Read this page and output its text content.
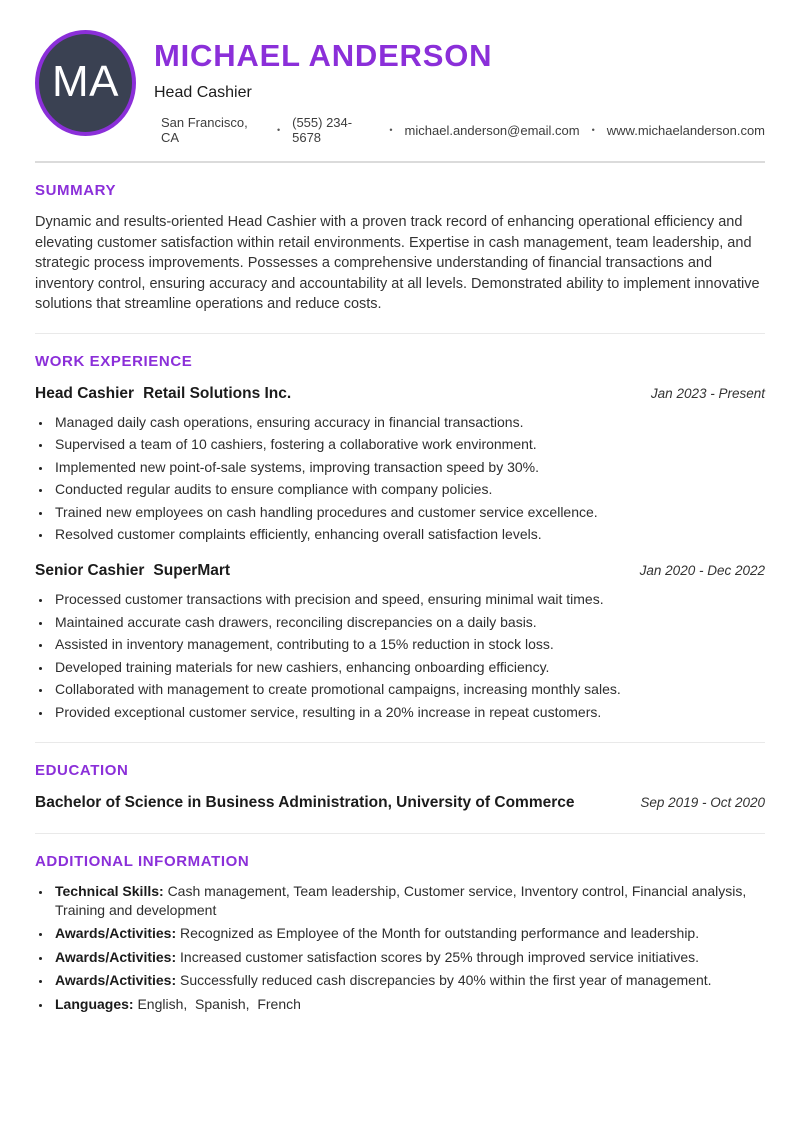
MA
MICHAEL ANDERSON
Head Cashier
San Francisco, CA	• (555) 234-5678	• michael.anderson@email.com • www.michaelanderson.com
SUMMARY

Dynamic and results-oriented Head Cashier with a proven track record of enhancing operational efficiency and elevating customer satisfaction within retail environments. Expertise in cash management, team leadership, and strategic process improvements. Possesses a comprehensive understanding of financial transactions and inventory control, ensuring accuracy and accountability at all levels. Demonstrated ability to implement innovative solutions that streamline operations and reduce costs.

WORK EXPERIENCE
Head Cashier Retail Solutions Inc.	Jan 2023 - Present
• Managed daily cash operations, ensuring accuracy in financial transactions.
• Supervised a team of 10 cashiers, fostering a collaborative work environment.
• Implemented new point-of-sale systems, improving transaction speed by 30%.
• Conducted regular audits to ensure compliance with company policies.
• Trained new employees on cash handling procedures and customer service excellence.
• Resolved customer complaints efficiently, enhancing overall satisfaction levels.
Senior Cashier SuperMart	Jan 2020 - Dec 2022
• Processed customer transactions with precision and speed, ensuring minimal wait times.
• Maintained accurate cash drawers, reconciling discrepancies on a daily basis.
• Assisted in inventory management, contributing to a 15% reduction in stock loss.
• Developed training materials for new cashiers, enhancing onboarding efficiency.
• Collaborated with management to create promotional campaigns, increasing monthly sales.
• Provided exceptional customer service, resulting in a 20% increase in repeat customers.
EDUCATION
Bachelor of Science in Business Administration, University of Commerce	Sep 2019 - Oct 2020
ADDITIONAL INFORMATION
• Technical Skills: Cash management, Team leadership, Customer service, Inventory control, Financial analysis, Training and development
• Awards/Activities: Recognized as Employee of the Month for outstanding performance and leadership.
• Awards/Activities: Increased customer satisfaction scores by 25% through improved service initiatives.
• Awards/Activities: Successfully reduced cash discrepancies by 40% within the first year of management.
• Languages: English,  Spanish,  French
